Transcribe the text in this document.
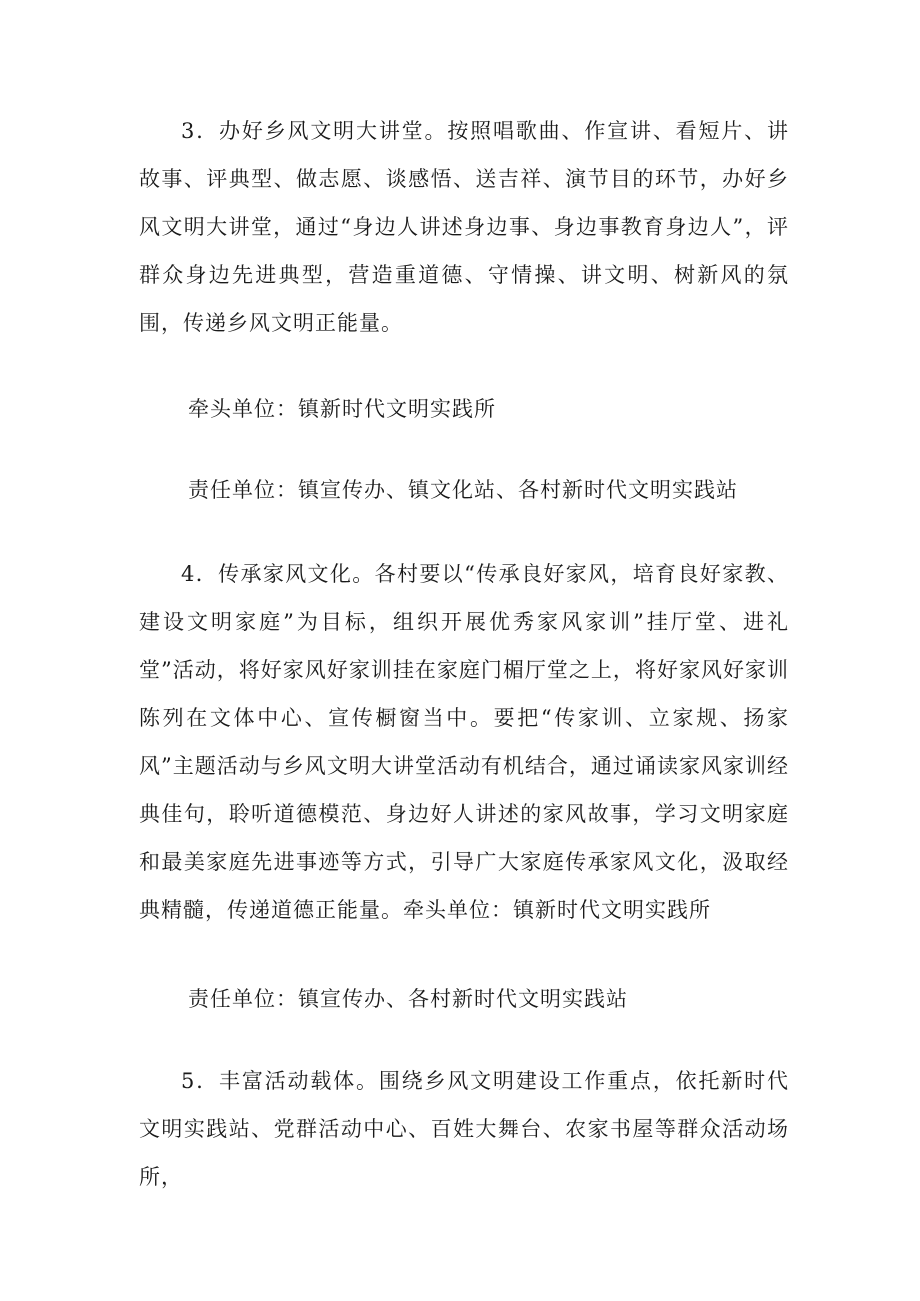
3．办好乡风文明大讲堂。按照唱歌曲、作宣讲、看短片、讲故事、评典型、做志愿、谈感悟、送吉祥、演节目的环节，办好乡风文明大讲堂，通过“身边人讲述身边事、身边事教育身边人”，评群众身边先进典型，营造重道德、守情操、讲文明、树新风的氛围，传递乡风文明正能量。

牵头单位：镇新时代文明实践所

责任单位：镇宣传办、镇文化站、各村新时代文明实践站

4．传承家风文化。各村要以“传承良好家风，培育良好家教、建设文明家庭”为目标，组织开展优秀家风家训”挂厅堂、进礼堂”活动，将好家风好家训挂在家庭门楣厅堂之上，将好家风好家训陈列在文体中心、宣传橱窗当中。要把“传家训、立家规、扬家风”主题活动与乡风文明大讲堂活动有机结合，通过诵读家风家训经典佳句，聆听道德模范、身边好人讲述的家风故事，学习文明家庭和最美家庭先进事迹等方式，引导广大家庭传承家风文化，汲取经典精髓，传递道德正能量。牵头单位：镇新时代文明实践所

责任单位：镇宣传办、各村新时代文明实践站

5．丰富活动载体。围绕乡风文明建设工作重点，依托新时代文明实践站、党群活动中心、百姓大舞台、农家书屋等群众活动场所，
